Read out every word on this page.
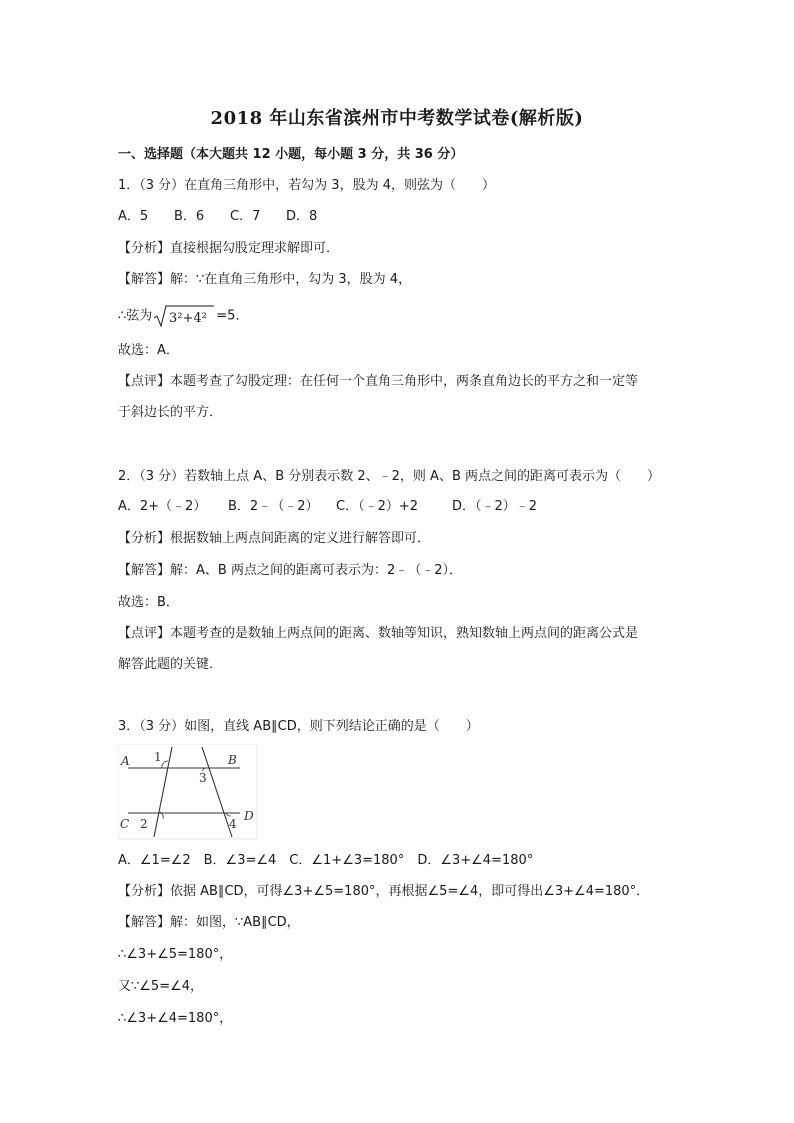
2018 年山东省滨州市中考数学试卷(解析版)
一、选择题（本大题共 12 小题，每小题 3 分，共 36 分）
1．（3 分）在直角三角形中，若勾为 3，股为 4，则弦为（　　）
A．5 B．6 C．7 D．8
【分析】直接根据勾股定理求解即可．
【解答】解：∵在直角三角形中，勾为 3，股为 4，
∴弦为 3²+4² =5．
故选：A．
【点评】本题考查了勾股定理：在任何一个直角三角形中，两条直角边长的平方之和一定等
于斜边长的平方．
2．（3 分）若数轴上点 A、B 分别表示数 2、﹣2，则 A、B 两点之间的距离可表示为（　　）
A．2+（﹣2） B．2﹣（﹣2） C．（﹣2）+2	D．（﹣2）﹣2
【分析】根据数轴上两点间距离的定义进行解答即可．
【解答】解：A、B 两点之间的距离可表示为：2﹣（﹣2）．
故选：B．
【点评】本题考查的是数轴上两点间的距离、数轴等知识，熟知数轴上两点间的距离公式是
解答此题的关键．
3．（3 分）如图，直线 AB∥CD，则下列结论正确的是（　　）
A	B
C
D
1
2
3
4
A．∠1=∠2　B．∠3=∠4　C．∠1+∠3=180°　D．∠3+∠4=180°
【分析】依据 AB∥CD，可得∠3+∠5=180°，再根据∠5=∠4，即可得出∠3+∠4=180°．
【解答】解：如图，∵AB∥CD，
∴∠3+∠5=180°，
又∵∠5=∠4，
∴∠3+∠4=180°，
